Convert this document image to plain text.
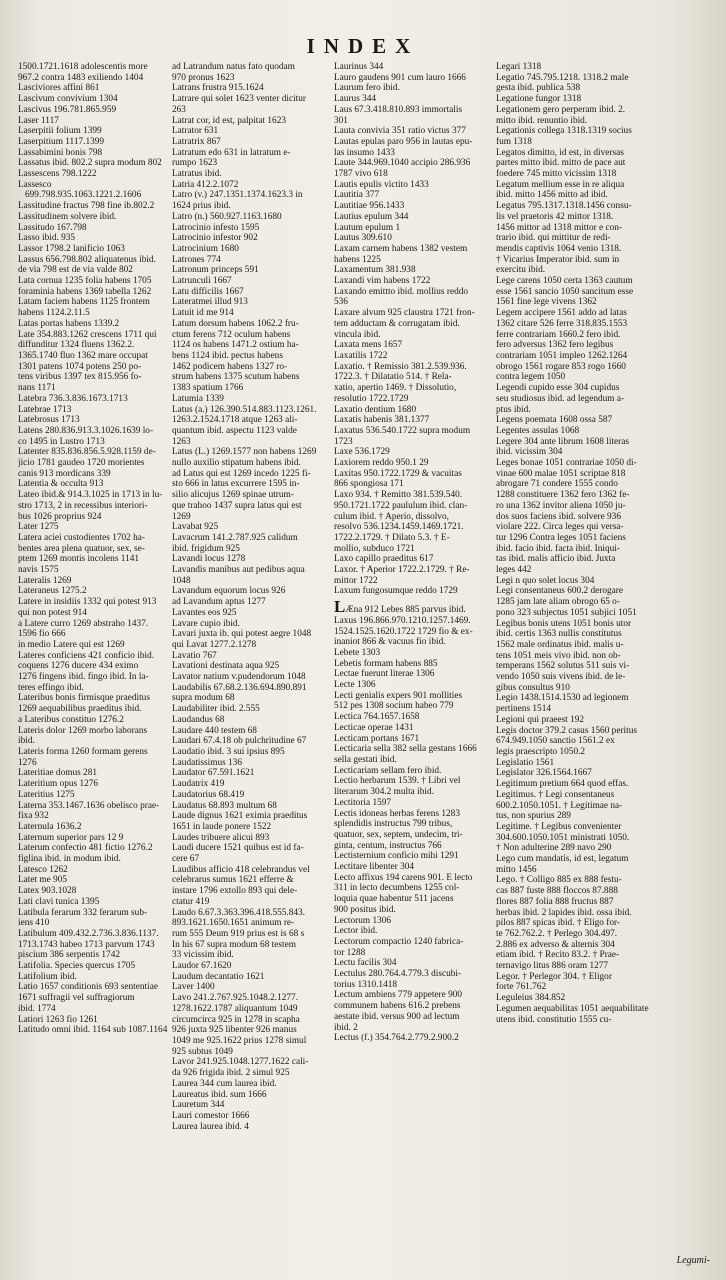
INDEX
1500.1721.1618 adolescentis more
967.2 contra 1483 exiliendo 1404
Lasciviores affini 861
Lascivum convivium 1304
Lascivus 196.781.865.959
Laser 1117
Laserpitii folium 1399
Laserpitium 1117.1399
Lassabimini bonis 798
Lassatus ibid. 802.2 supra modum 802
Lassescens 798.1222
Lassesco 699.798.935.1063.1221.2.1606
Lassitudine fractus 798 fine ib.802.2
Lassitudinem solvere ibid.
Lassitudo 167.798
Lasso ibid. 935
Lassor 1798.2 lanificio 1063
Lassus 656.798.802 aliquatenus ibid.
de via 798 est de via valde 802
Lata cornua 1235 folia habens 1705
foraminia habens 1369 tabella 1262
Latam faciem habens 1125 frontem
habens 1124.2.11.5
Latas portas habens 1339.2
Late 354.883.1262 crescens 1711 qui
diffunditur 1324 fluens 1362.2.
1365.1740 fluo 1362 mare occupat
1301 patens 1074 potens 250 po-
tens viribus 1397 tex 815.956 fo-
nans 1171
Latebra 736.3.836.1673.1713
Latebrae 1713
Latebrosus 1713
Latens 280.836.913.3.1026.1639 lo-
co 1495 in Lustro 1713
Latenter 835.836.856.5.928.1159 de-
jicio 1781 gaudeo 1720 morientes
canis 913 mordicans 339
Latentia & occulta 913
Lateo ibid.& 914.3.1025 in 1713 in lu-
stro 1713, 2 in recessibus interiori-
bus 1026 proprius 924
Later 1275
Latera aciei custodientes 1702 ha-
bentes area plena quatuor, sex, se-
ptem 1269 montis incolens 1141
navis 1575
Lateralis 1269
Lateraneus 1275.2
Latere in insidiis 1332 qui potest 913
qui non potest 914
a Latere curro 1269 abstraho 1437.
1596 fio 666
in medio Latere qui est 1269
Lateres conficiens 421 conficio ibid.
coquens 1276 ducere 434 eximo
1276 fingens ibid. fingo ibid. In la-
teres effingo ibid.
Lateribus bonis firmisque praeditus
1269 aequabilibus praeditus ibid.
a Lateribus constituo 1276.2
Lateris dolor 1269 morbo laborans
ibid.
Lateris forma 1260 formam gerens
1276
Lateritiae domus 281
Lateritium opus 1276
Lateritius 1275
Laterna 353.1467.1636 obelisco prae-
fixa 932
Laternula 1636.2
Laternum superior pars 12 9
Laterum confectio 481 fictio 1276.2
figlina ibid. in modum ibid.
Latesco 1262
Latet me 905
Latex 903.1028
Lati clavi tunica 1395
Latibula ferarum 332 ferarum sub-
iens 410
Latibulum 409.432.2.736.3.836.1137.
1713.1743 habeo 1713 parvum 1743
piscium 386 serpentis 1742
Latifolia. Species quercus 1705
Latifolium ibid.
Latio 1657 conditionis 693 sententiae
1671 suffragii vel suffragiorum
ibid. 1774
Latiori 1263 fio 1261
Latitudo omni ibid. 1164 sub 1087.1164
ad Latrandum natus fato quodam
970 pronus 1623
Latrans frustra 915.1624
Latrare qui solet 1623 venter dicitur
263
Latrat cor, id est, palpitat 1623
Latrator 631
Latratrix 867
Latratum edo 631 in latratum e-
rumpo 1623
Latratus ibid.
Latria 412.2.1072
Latro (v.) 247.1351.1374.1623.3 in
1624 prius ibid.
Latro (n.) 560.927.1163.1680
Latrocinio infesto 1595
Latrocinio infestor 902
Latrocinium 1680
Latrones 774
Latronum princeps 591
Latrunculi 1667
Latu difficilis 1667
Lateratmei illud 913
Latuit id me 914
Latum dorsum habens 1062.2 fru-
ctum ferens 712 oculum habens
1124 os habens 1471.2 ostium ha-
bens 1124 ibid. pectus habens
1462 podicem habens 1327 ro-
strum habens 1375 scutum habens
1383 spatium 1766
Latumia 1339
Latus (a.) 126.390.514.883.1123.1261.
1263.2.1524.1718 atque 1263 ali-
quantum ibid. aspectu 1123 valde
1263
Latus (L.) 1269.1577 non habens 1269
nullo auxilio stipatum habens ibid.
ad Latus qui est 1269 incedo 1225 fi-
sto 666 in latus excurrere 1595 in-
silio alicujus 1269 spinae utrum-
que trahoo 1437 supra latus qui est
1269
Lavabat 925
Lavacrum 141.2.787.925 calidum
ibid. frigidum 925
Lavandi locus 1278
Lavandis manibus aut pedibus aqua
1048
Lavandum equorum locus 926
ad Lavandum aptus 1277
Lavantes eos 925
Lavare cupio ibid.
Lavari juxta ib. qui potest aegre 1048
qui Lavat 1277.2.1278
Lavatio 767
Lavationi destinata aqua 925
Lavator natium v.pudendorum 1048
Laudabilis 67.68.2.136.694.890.891
supra modum 68
Laudabiliter ibid. 2.555
Laudandus 68
Laudare 440 testem 68
Laudari 67.4.18 ob pulchritudine 67
Laudatio ibid. 3 sui ipsius 895
Laudatissimus 136
Laudator 67.591.1621
Laudatrix 419
Laudatorius 68.419
Laudatus 68.893 multum 68
Laude dignus 1621 eximia praeditus
1651 in laude ponere 1522
Laudes tribuere alicui 893
Laudi ducere 1521 quibus est id fa-
cere 67
Laudibus afficio 418 celebrandus vel
celebrarus sumus 1621 efferre &
instare 1796 extollo 893 qui dele-
ctatur 419
Laudo 6.67.3.363.396.418.555.843.
893.1621.1650.1651 animum re-
rum 555 Deum 919 prius est is 68 s
In his 67 supra modum 68 testem
33 vicissim ibid.
Laudor 67.1620
Laudum decantatio 1621
Laver 1400
Lavo 241.2.767.925.1048.2.1277.
1278.1622.1787 aliquantum 1049
circumcirca 925 in 1278 in scapha
926 juxta 925 libenter 926 manus
1049 me 925.1622 prius 1278 simul
925 subtus 1049
Lavor 241.925.1048.1277.1622 cali-
da 926 frigida ibid. 2 simul 925
Laurea 344 cum laurea ibid.
Laureatus ibid. sum 1666
Lauretum 344
Lauri comestor 1666
Laurea laurea ibid. 4
Laurinus 344
Lauro gaudens 901 cum lauro 1666
Laurum fero ibid.
Laurus 344
Laus 67.3.418.810.893 immortalis
301
Lauta convivia 351 ratio victus 377
Lautas epulas paro 956 in lautas epu-
las insumo 1433
Laute 344.969.1040 accipio 286.936
1787 vivo 618
Lautis epulis victito 1433
Lautitia 377
Lautitiae 956.1433
Lautius epulum 344
Lautum epulum 1
Lautus 309.610
Laxam carnem habens 1382 vestem
habens 1225
Laxamentum 381.938
Laxandi vim habens 1722
Laxando emittto ibid. mollius reddo
536
Laxare alvum 925 claustra 1721 fron-
tem adductam & corrugatam ibid.
vincula ibid.
Laxata mens 1657
Laxatilis 1722
Laxatio. † Remissio 381.2.539.936.
1722.3. † Dilatatio 514. † Rela-
xatio, apertio 1469. † Dissolutio,
resolutio 1722.1729
Laxatio dentium 1680
Laxatis habenis 381.1377
Laxatus 536.540.1722 supra modum
1723
Laxe 536.1729
Laxiorem reddo 950.1 29
Laxitas 950.1722.1729 & vacuitas
866 spongiosa 171
Laxo 934. † Remitto 381.539.540.
950.1721.1722 paululum ibid. clan-
culum ibid. † Aperio, dissolvo,
resolvo 536.1234.1459.1469.1721.
1722.2.1729. † Dilato 5.3. † E-
mollio, subduco 1721
Laxo capillo praeditus 617
Laxor. † Aperior 1722.2.1729. † Re-
mittor 1722
Laxum fungosumque reddo 1729
LÆna 912 Lebes 885 parvus ibid.
Laxus 196.866.970.1210.1257.1469.
1524.1525.1620.1722 1729 fio & ex-
inaniot 866 & vacuus fio ibid.
Lebete 1303
Lebetis formam habens 885
Lectae fuerunt literae 1306
Lecte 1306
Lecti genialis expers 901 mollities
512 pes 1308 socium habeo 779
Lectica 764.1657.1658
Lecticae operae 1431
Lecticam portans 1671
Lecticaria sella 382 sella gestans 1666
sella gestati ibid.
Lecticariam sellam fero ibid.
Lectio herbarum 1539. † Libri vel
literarum 304.2 multa ibid.
Lectitoria 1597
Lectis idoneas herbas ferens 1283
splendidis instructus 799 tribus,
quatuor, sex, septem, undecim, tri-
ginta, centum, instructus 766
Lectisternium conficio mihi 1291
Lectitare libenter 304
Lecto affixus 194 carens 901. E lecto
311 in lecto decumbens 1255 col-
loquia quae habentur 511 jacens
900 positus ibid.
Lectorum 1306
Lector ibid.
Lectorum compactio 1240 fabrica-
tor 1288
Lectu facilis 304
Lectulus 280.764.4.779.3 discubi-
torius 1310.1418
Lectum ambiens 779 appetere 900
communem habens 616.2 prebens
aestate ibid. versus 900 ad lectum
ibid. 2
Lectus (f.) 354.764.2.779.2.900.2
Legari 1318
Legatio 745.795.1218. 1318.2 male
gesta ibid. publica 538
Legatione fungor 1318
Legationem gero perperam ibid. 2.
mitto ibid. renuntio ibid.
Legationis collega 1318.1319 socius
fum 1318
Legatos dimitto, id est, in diversas
partes mitto ibid. mitto de pace aut
foedere 745 mitto vicissim 1318
Legatum mellium esse in re aliqua
ibid. mitto 1456 mitto ad ibid.
Legatus 795.1317.1318.1456 consu-
lis vel praetoris 42 mittor 1318.
1456 mittor ad 1318 mittor e con-
trario ibid. qui mittitur de redi-
mendis captivis 1064 venio 1318.
† Vicarius Imperator ibid. sum in
exercitu ibid.
Lege carens 1050 certa 1363 cautum
esse 1561 sancio 1050 sancitum esse
1561 fine lege vivens 1362
Legem accipere 1561 addo ad latas
1362 citare 526 ferre 318.835.1553
ferre contrariam 1660.2 fero ibid.
fero adversus 1362 fero legibus
contrariam 1051 impleo 1262.1264
obrogo 1561 rogare 853 rogo 1660
contra legem 1050
Legendi cupido esse 304 cupidus
seu studiosus ibid. ad legendum a-
ptus ibid.
Legens poemata 1608 ossa 587
Legentes assulas 1068
Legere 304 ante librum 1608 literas
ibid. vicissim 304
Leges bonae 1051 contrariae 1050 di-
vinae 600 malae 1051 scriptae 818
abrogare 71 condere 1555 condo
1288 constituere 1362 fero 1362 fe-
ro una 1362 invitor aliena 1050 ju-
dos suos faciens ibid. solvere 936
violare 222. Circa leges qui versa-
tur 1296 Contra leges 1051 faciens
ibid. facio ibid. facta ibid. Iniqui-
tas ibid. malis afficio ibid. Juxta
leges 442
Legi n quo solet locus 304
Legi consentaneus 600.2 derogare
1285 jam late aliam obrogo 65 o-
pono 323 subjectus 1051 subjici 1051
Legibus bonis utens 1051 bonis utor
ibid. certis 1363 nullis constitutus
1562 male ordinatus ibid. malis u-
tens 1051 meis vivo ibid. non ob-
temperans 1562 solutus 511 suis vi-
vendo 1050 suis vivens ibid. de le-
gibus consultus 910
Legio 1438.1514.1530 ad legionem
pertinens 1514
Legioni qui praeest 192
Legis doctor 379.2 casus 1560 peritus
674.949.1050 sanctio 1561.2 ex
legis praescripto 1050.2
Legislatio 1561
Legislator 326.1564.1667
Legitimum pretium 664 quod effas.
Legitimus. † Legi consentaneus
600.2.1050.1051. † Legitimae na-
tus, non spurius 289
Legitime. † Legibus convenienter
304.600.1050.1051 ministrati 1050.
† Non adulterine 289 navo 290
Lego cum mandatis, id est, legatum
mitto 1456
Lego. † Colligo 885 ex 888 festu-
cas 887 fuste 888 floccos 87.888
flores 887 folia 888 fructus 887
herbas ibid. 2 lapides ibid. ossa ibid.
pilos 887 spicas ibid. † Eligo for-
te 762.762.2. † Perlego 304.497.
2.886 ex adverso & alternis 304
etiam ibid. † Recito 83.2. † Prae-
ternavigo litus 886 oram 1277
Legor. † Perlegor 304. † Eligor
forte 761.762
Leguleius 384.852
Legumen aequabilitas 1051 aequabilitate
utens ibid. constitutio 1555 cu-
Legumi-
